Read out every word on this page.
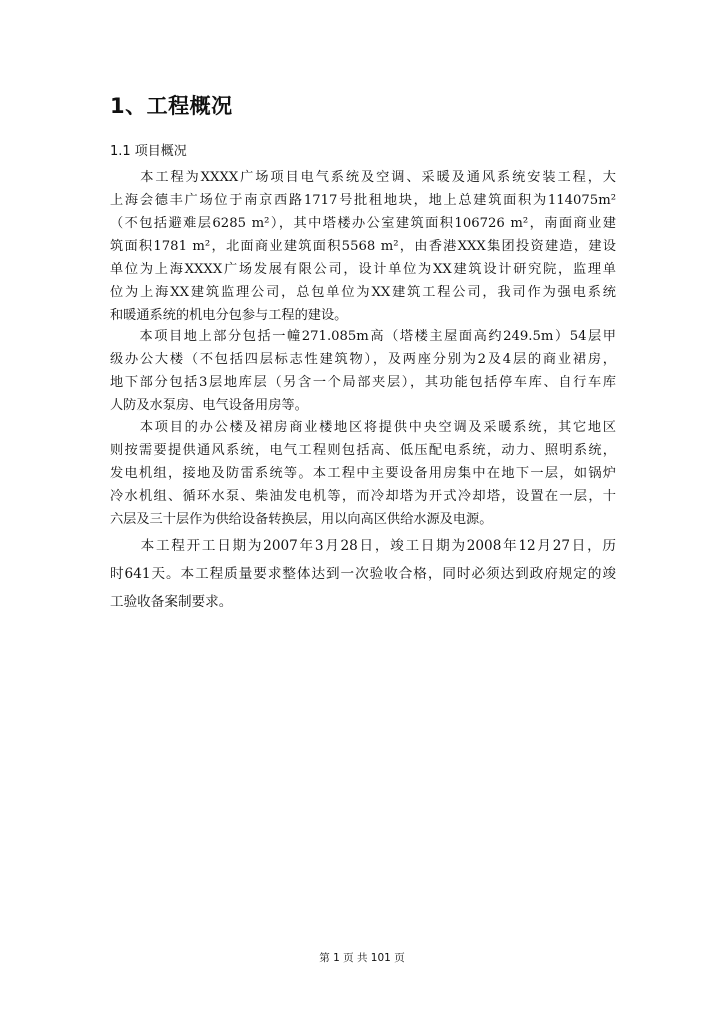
1、工程概况
1.1 项目概况
　　本工程为XXXX广场项目电气系统及空调、采暖及通风系统安装工程，大
上海会德丰广场位于南京西路1717号批租地块，地上总建筑面积为114075m²
（不包括避难层6285 m²），其中塔楼办公室建筑面积106726 m²，南面商业建
筑面积1781 m²，北面商业建筑面积5568 m²，由香港XXX集团投资建造，建设
单位为上海XXXX广场发展有限公司，设计单位为XX建筑设计研究院，监理单
位为上海XX建筑监理公司，总包单位为XX建筑工程公司，我司作为强电系统
和暖通系统的机电分包参与工程的建设。
　　本项目地上部分包括一幢271.085m高（塔楼主屋面高约249.5m）54层甲
级办公大楼（不包括四层标志性建筑物），及两座分别为2及4层的商业裙房，
地下部分包括3层地库层（另含一个局部夹层），其功能包括停车库、自行车库
人防及水泵房、电气设备用房等。
　　本项目的办公楼及裙房商业楼地区将提供中央空调及采暖系统，其它地区
则按需要提供通风系统，电气工程则包括高、低压配电系统，动力、照明系统，
发电机组，接地及防雷系统等。本工程中主要设备用房集中在地下一层，如锅炉
冷水机组、循环水泵、柴油发电机等，而冷却塔为开式冷却塔，设置在一层，十
六层及三十层作为供给设备转换层，用以向高区供给水源及电源。
　　本工程开工日期为2007年3月28日，竣工日期为2008年12月27日，历
时641天。本工程质量要求整体达到一次验收合格，同时必须达到政府规定的竣
工验收备案制要求。
第 1 页 共 101 页
